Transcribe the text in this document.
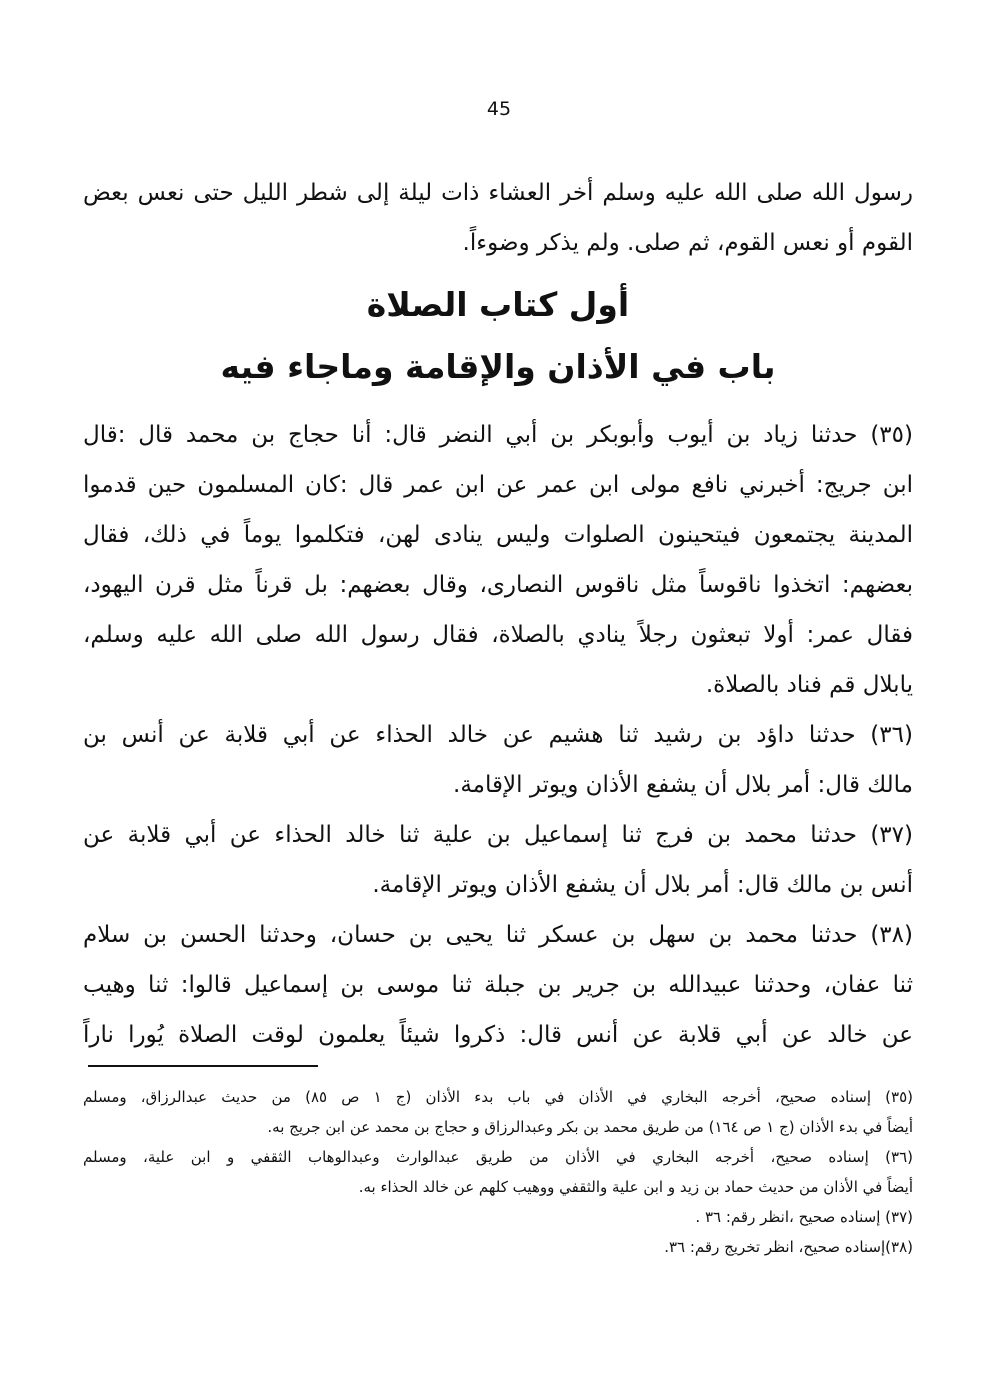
45
رسول الله صلى الله عليه وسلم أخر العشاء ذات ليلة إلى شطر الليل حتى نعس بعض
القوم أو نعس القوم، ثم صلى. ولم يذكر وضوءاً.
أول كتاب الصلاة
باب في الأذان والإقامة وماجاء فيه
(٣٥) حدثنا زياد بن أيوب وأبوبكر بن أبي النضر قال: أنا حجاج بن محمد قال :قال
ابن جريج: أخبرني نافع مولى ابن عمر عن ابن عمر قال :كان المسلمون حين قدموا
المدينة يجتمعون فيتحينون الصلوات وليس ينادى لهن، فتكلموا يوماً في ذلك، فقال
بعضهم: اتخذوا ناقوساً مثل ناقوس النصارى، وقال بعضهم: بل قرناً مثل قرن اليهود،
فقال عمر: أولا تبعثون رجلاً ينادي بالصلاة، فقال رسول الله صلى الله عليه وسلم،
يابلال قم فناد بالصلاة.
(٣٦) حدثنا داؤد بن رشيد ثنا هشيم عن خالد الحذاء عن أبي قلابة عن أنس بن
مالك قال: أمر بلال أن يشفع الأذان ويوتر الإقامة.
(٣٧) حدثنا محمد بن فرج ثنا إسماعيل بن علية ثنا خالد الحذاء عن أبي قلابة عن
أنس بن مالك قال: أمر بلال أن يشفع الأذان ويوتر الإقامة.
(٣٨) حدثنا محمد بن سهل بن عسكر ثنا يحيى بن حسان، وحدثنا الحسن بن سلام
ثنا عفان، وحدثنا عبيدالله بن جرير بن جبلة ثنا موسى بن إسماعيل قالوا: ثنا وهيب
عن خالد عن أبي قلابة عن أنس قال: ذكروا شيئاً يعلمون لوقت الصلاة يُورا ناراً
(٣٥) إسناده صحيح، أخرجه البخاري في الأذان في باب بدء الأذان (ج ١ ص ٨٥) من حديث عبدالرزاق، ومسلم
أيضاً في بدء الأذان (ج ١ ص ١٦٤) من طريق محمد بن بكر وعبدالرزاق و حجاج بن محمد عن ابن جريج به.
(٣٦) إسناده صحيح، أخرجه البخاري في الأذان من طريق عبدالوارث وعبدالوهاب الثقفي و ابن علية، ومسلم
أيضاً في الأذان من حديث حماد بن زيد و ابن علية والثقفي ووهيب كلهم عن خالد الحذاء به.
(٣٧) إسناده صحيح ،انظر رقم: ٣٦ .
(٣٨)إسناده صحيح، انظر تخريج رقم: ٣٦.
